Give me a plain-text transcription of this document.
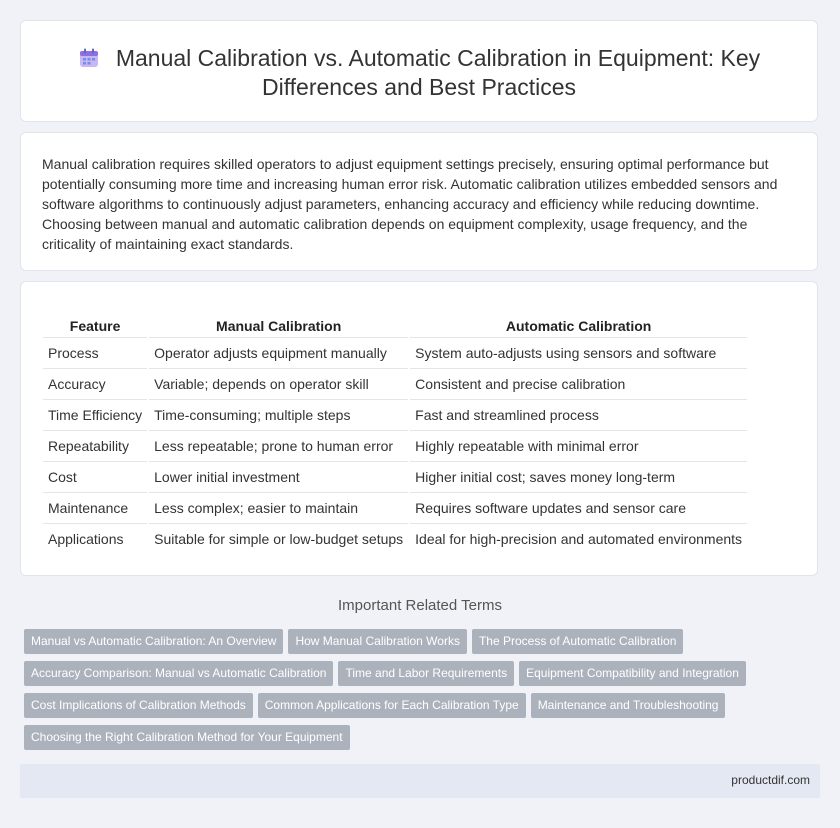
Manual Calibration vs. Automatic Calibration in Equipment: Key Differences and Best Practices

Manual calibration requires skilled operators to adjust equipment settings precisely, ensuring optimal performance but potentially consuming more time and increasing human error risk. Automatic calibration utilizes embedded sensors and software algorithms to continuously adjust parameters, enhancing accuracy and efficiency while reducing downtime. Choosing between manual and automatic calibration depends on equipment complexity, usage frequency, and the criticality of maintaining exact standards.

Feature		Manual Calibration		Automatic Calibration
Process		Operator adjusts equipment manually		System auto-adjusts using sensors and software
Accuracy		Variable; depends on operator skill		Consistent and precise calibration
Time Efficiency		Time-consuming; multiple steps		Fast and streamlined process
Repeatability		Less repeatable; prone to human error		Highly repeatable with minimal error
Cost		Lower initial investment		Higher initial cost; saves money long-term
Maintenance		Less complex; easier to maintain		Requires software updates and sensor care
Applications		Suitable for simple or low-budget setups		Ideal for high-precision and automated environments
Important Related Terms
Manual vs Automatic Calibration: An Overview How Manual Calibration Works The Process of Automatic CalibrationAccuracy Comparison: Manual vs Automatic Calibration Time and Labor Requirements Equipment Compatibility and IntegrationCost Implications of Calibration Methods Common Applications for Each Calibration Type Maintenance and TroubleshootingChoosing the Right Calibration Method for Your Equipment
productdif.com
